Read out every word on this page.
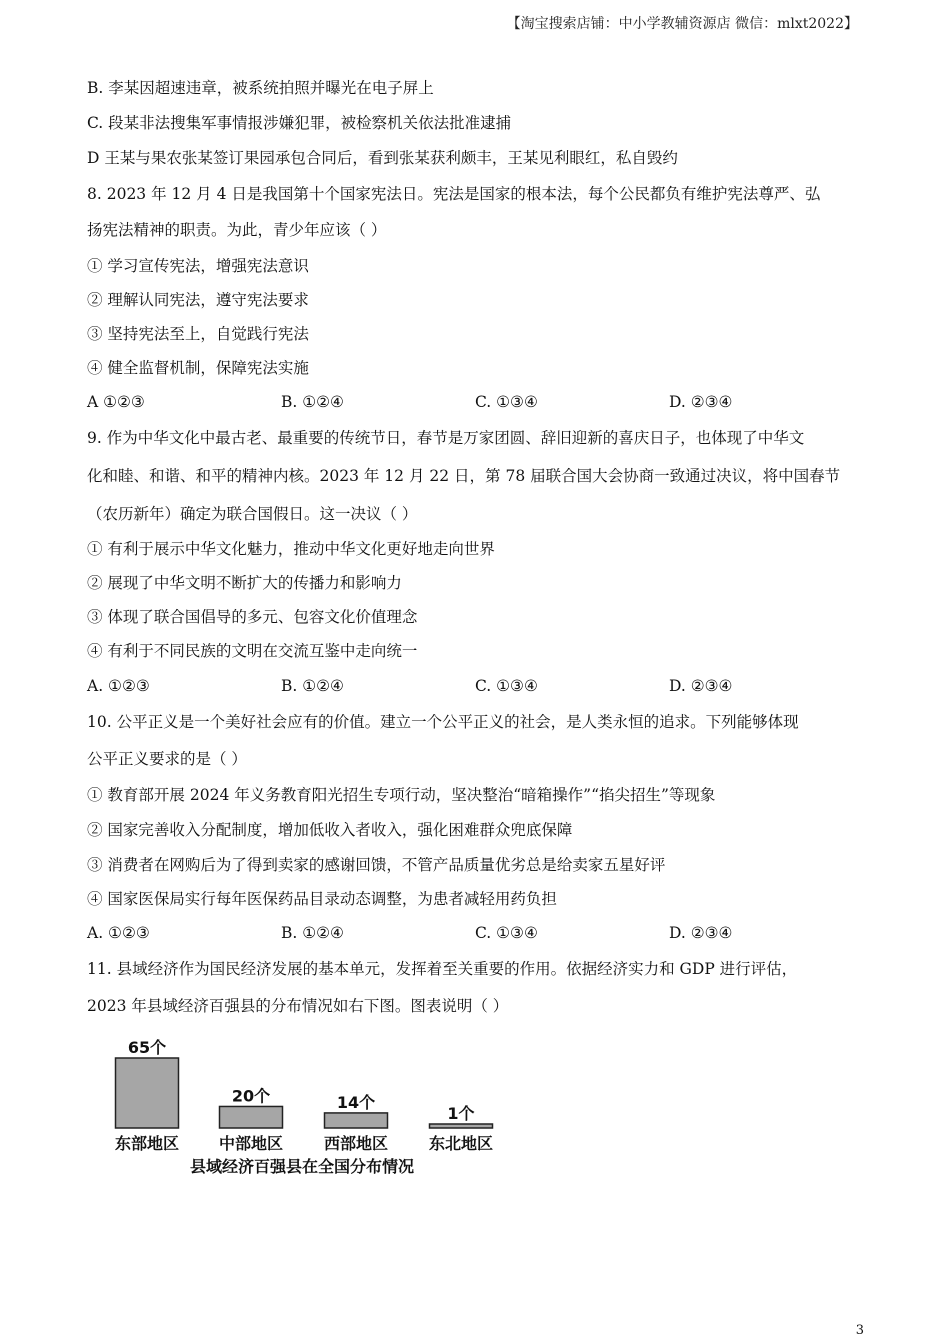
【淘宝搜索店铺：中小学教辅资源店 微信：mlxt2022】

B. 李某因超速违章，被系统拍照并曝光在电子屏上

C. 段某非法搜集军事情报涉嫌犯罪，被检察机关依法批准逮捕

D 王某与果农张某签订果园承包合同后，看到张某获利颇丰，王某见利眼红，私自毁约

8. 2023 年 12 月 4 日是我国第十个国家宪法日。宪法是国家的根本法，每个公民都负有维护宪法尊严、弘

扬宪法精神的职责。为此，青少年应该（ ）

① 学习宣传宪法，增强宪法意识

② 理解认同宪法，遵守宪法要求

③ 坚持宪法至上，自觉践行宪法

④ 健全监督机制，保障宪法实施

A ①②③	B. ①②④	C. ①③④	D. ②③④

9. 作为中华文化中最古老、最重要的传统节日，春节是万家团圆、辞旧迎新的喜庆日子，也体现了中华文

化和睦、和谐、和平的精神内核。2023 年 12 月 22 日，第 78 届联合国大会协商一致通过决议，将中国春节

（农历新年）确定为联合国假日。这一决议（ ）

① 有利于展示中华文化魅力，推动中华文化更好地走向世界

② 展现了中华文明不断扩大的传播力和影响力

③ 体现了联合国倡导的多元、包容文化价值理念

④ 有利于不同民族的文明在交流互鉴中走向统一

A. ①②③	B. ①②④	C. ①③④	D. ②③④

10. 公平正义是一个美好社会应有的价值。建立一个公平正义的社会，是人类永恒的追求。下列能够体现

公平正义要求的是（ ）

① 教育部开展 2024 年义务教育阳光招生专项行动，坚决整治“暗箱操作”“掐尖招生”等现象

② 国家完善收入分配制度，增加低收入者收入，强化困难群众兜底保障

③ 消费者在网购后为了得到卖家的感谢回馈，不管产品质量优劣总是给卖家五星好评

④ 国家医保局实行每年医保药品目录动态调整，为患者减轻用药负担

A. ①②③	B. ①②④	C. ①③④	D. ②③④

11. 县域经济作为国民经济发展的基本单元，发挥着至关重要的作用。依据经济实力和 GDP 进行评估，

2023 年县域经济百强县的分布情况如右下图。图表说明（ ）

65个
东部地区
20个
中部地区
14个
西部地区
1个
东北地区
县域经济百强县在全国分布情况
3
